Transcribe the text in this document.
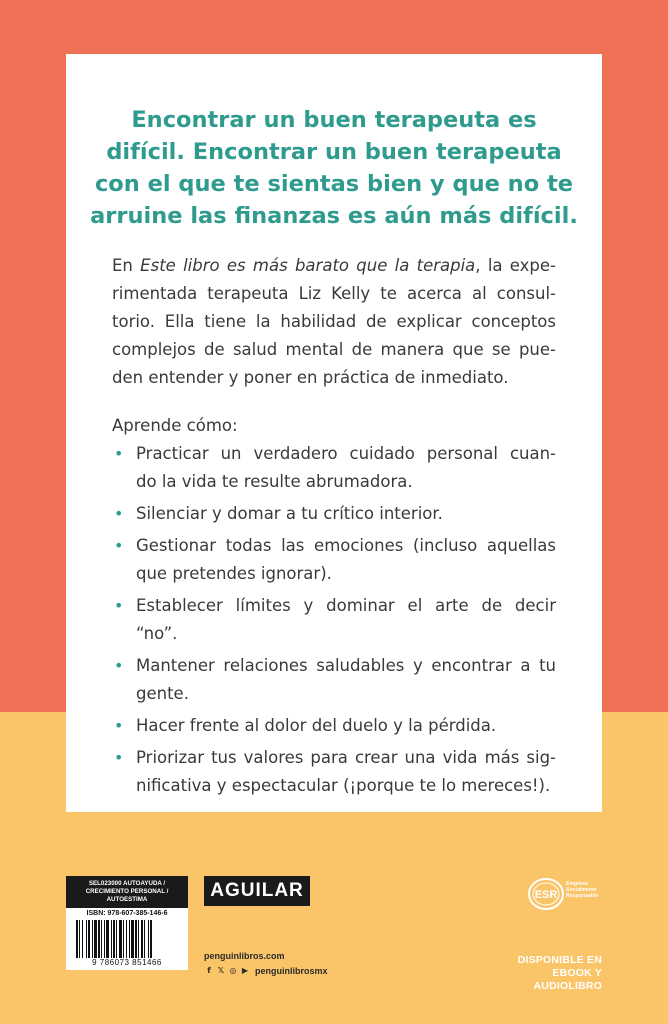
Encontrar un buen terapeuta es
difícil. Encontrar un buen terapeuta
con el que te sientas bien y que no te
arruine las finanzas es aún más difícil.
En Este libro es más barato que la terapia, la expe-
rimentada terapeuta Liz Kelly te acerca al consul-
torio. Ella tiene la habilidad de explicar conceptos
complejos de salud mental de manera que se pue-
den entender y poner en práctica de inmediato.
Aprende cómo:
• Practicar un verdadero cuidado personal cuan-
do la vida te resulte abrumadora.
• Silenciar y domar a tu crítico interior.
• Gestionar todas las emociones (incluso aquellas
que pretendes ignorar).
• Establecer límites y dominar el arte de decir
“no”.
• Mantener relaciones saludables y encontrar a tu
gente.
• Hacer frente al dolor del duelo y la pérdida.
• Priorizar tus valores para crear una vida más sig-
nificativa y espectacular (¡porque te lo mereces!).
SEL023000 AUTOAYUDA /
CRECIMIENTO PERSONAL /
AUTOESTIMA
ISBN: 978-607-385-146-6
9 786073 851466
AGUILAR
penguinlibros.com
f 𝕏 ◎ ▶ penguinlibrosmx
ESR
Empresa
Socialmente
Responsable
DISPONIBLE EN
EBOOK Y AUDIOLIBRO
